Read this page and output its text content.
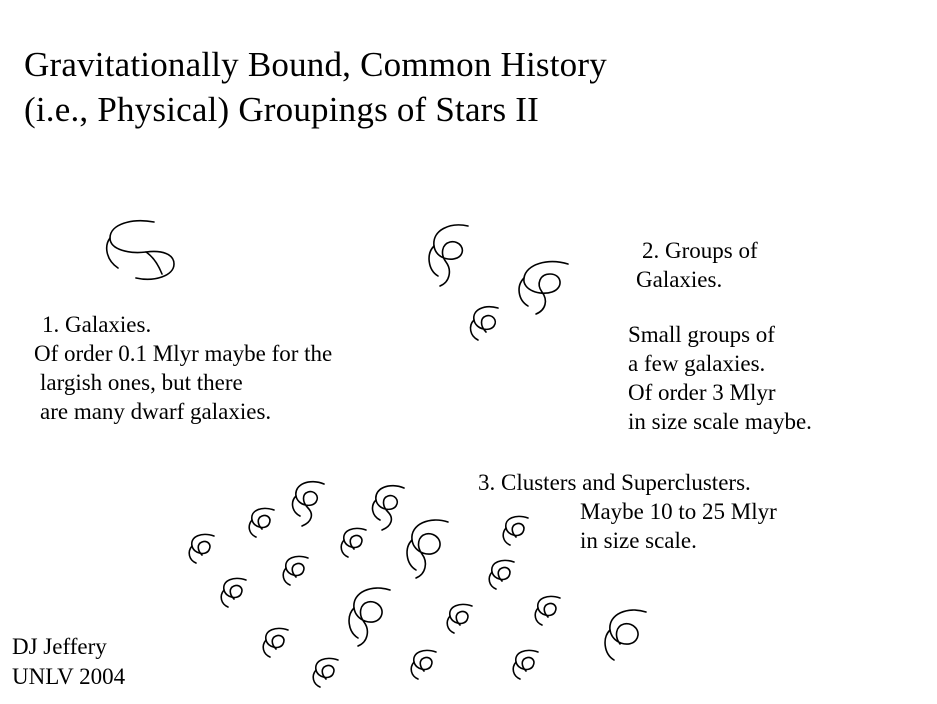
Gravitationally Bound, Common History
(i.e., Physical) Groupings of Stars II
1. Galaxies.
Of order 0.1 Mlyr maybe for the
largish ones, but there
are many dwarf galaxies.
2. Groups of
Galaxies.
Small groups of
a few galaxies.
Of order 3 Mlyr
in size scale maybe.
3. Clusters and Superclusters.
Maybe 10 to 25 Mlyr
in size scale.
DJ Jeffery
UNLV 2004
